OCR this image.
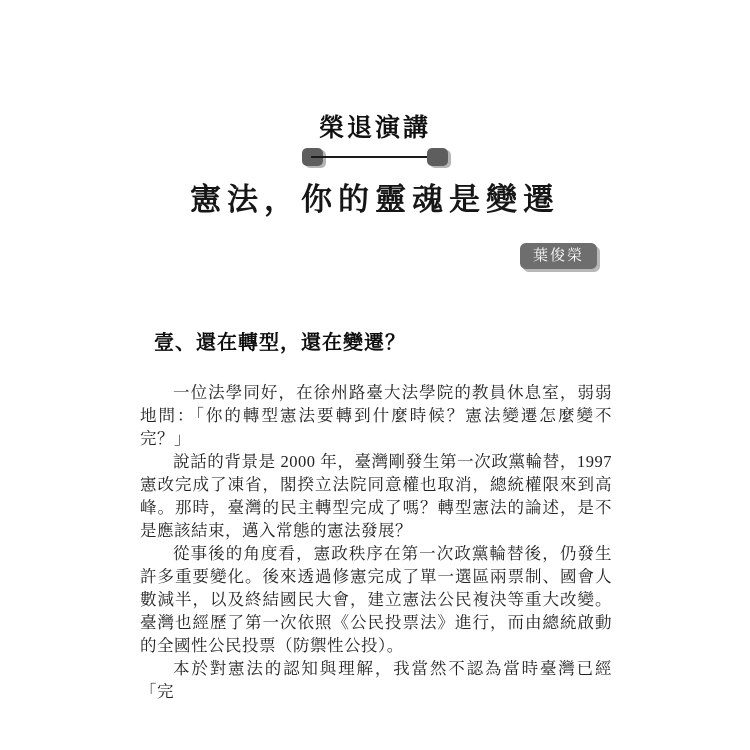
榮退演講
憲法，你的靈魂是變遷
葉俊榮
壹、還在轉型，還在變遷？

一位法學同好，在徐州路臺大法學院的教員休息室，弱弱地問：「你的轉型憲法要轉到什麼時候？憲法變遷怎麼變不完？」

說話的背景是 2000 年，臺灣剛發生第一次政黨輪替，1997憲改完成了凍省，閣揆立法院同意權也取消，總統權限來到高峰。那時，臺灣的民主轉型完成了嗎？轉型憲法的論述，是不是應該結束，邁入常態的憲法發展？

從事後的角度看，憲政秩序在第一次政黨輪替後，仍發生許多重要變化。後來透過修憲完成了單一選區兩票制、國會人數減半，以及終結國民大會，建立憲法公民複決等重大改變。臺灣也經歷了第一次依照《公民投票法》進行，而由總統啟動的全國性公民投票（防禦性公投）。

本於對憲法的認知與理解，我當然不認為當時臺灣已經「完
